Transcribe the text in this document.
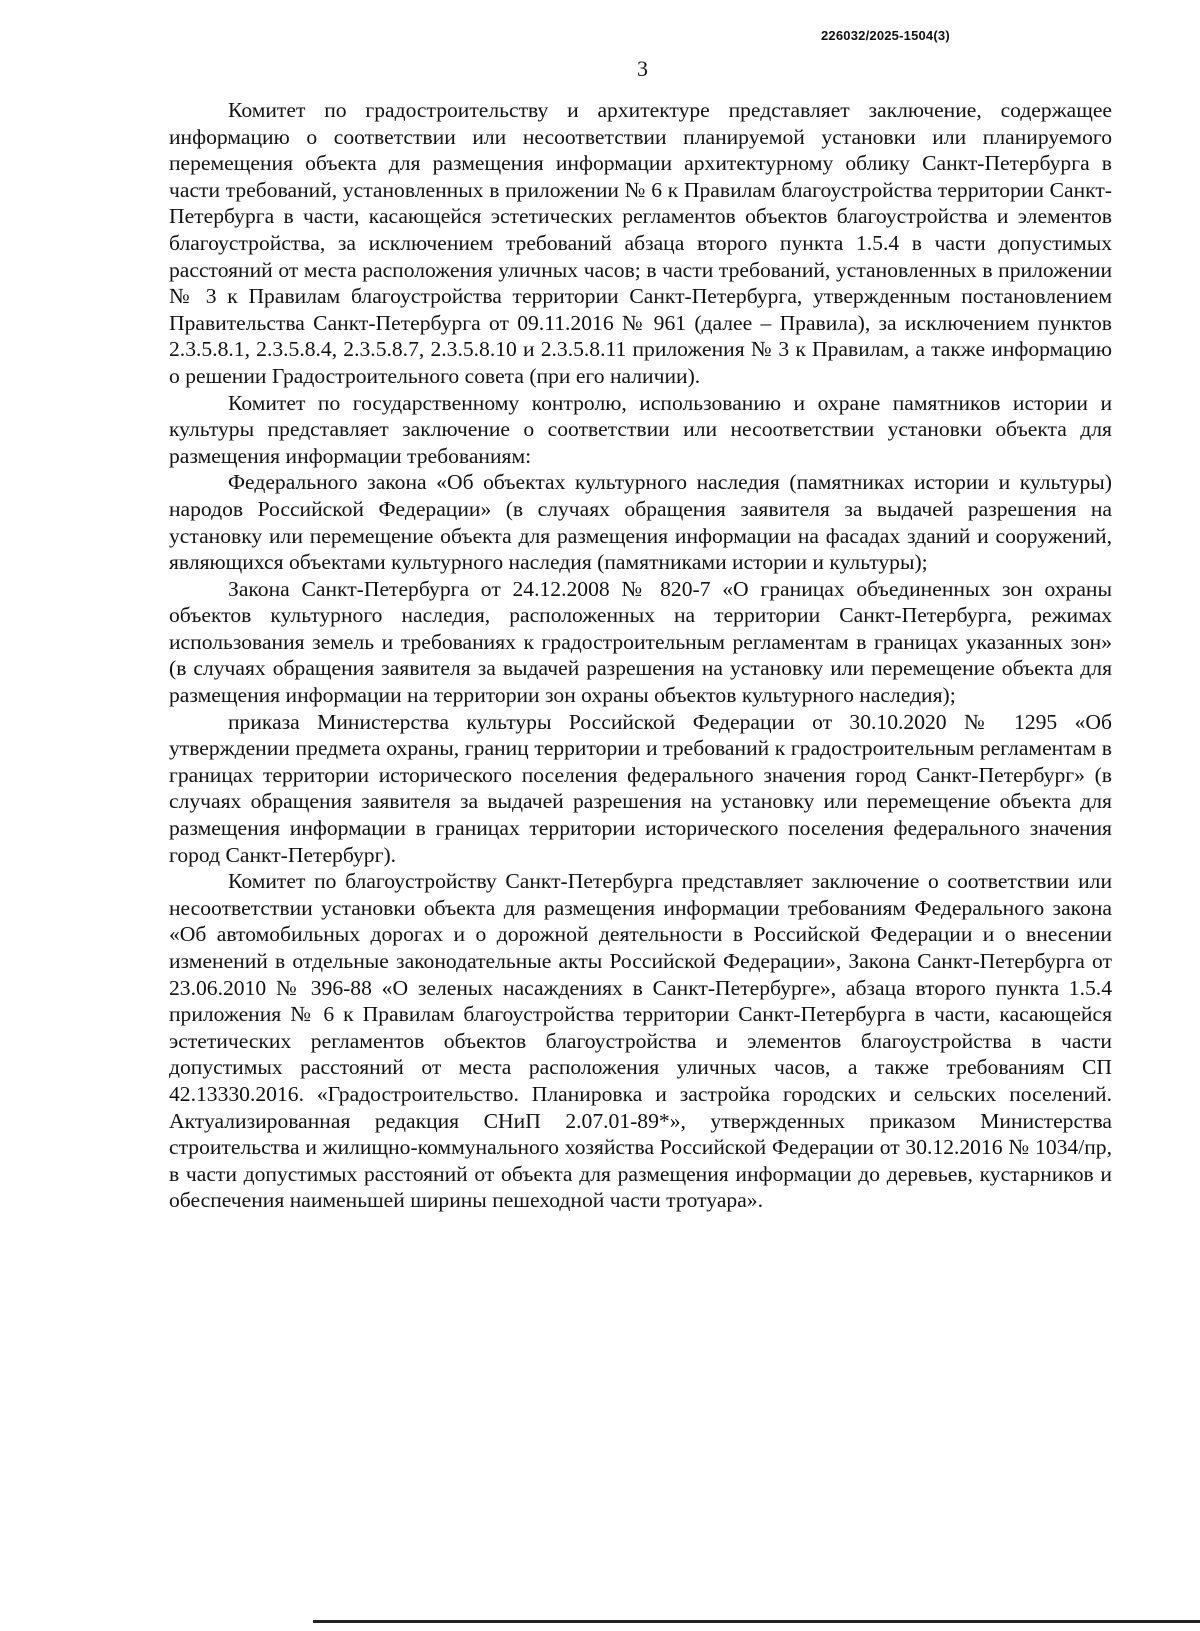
226032/2025-1504(3)
3

Комитет по градостроительству и архитектуре представляет заключение, содержащее информацию о соответствии или несоответствии планируемой установки или планируемого перемещения объекта для размещения информации архитектурному облику Санкт-Петербурга в части требований, установленных в приложении № 6 к Правилам благоустройства территории Санкт-Петербурга в части, касающейся эстетических регламентов объектов благоустройства и элементов благоустройства, за исключением требований абзаца второго пункта 1.5.4 в части допустимых расстояний от места расположения уличных часов; в части требований, установленных в приложении № 3 к Правилам благоустройства территории Санкт-Петербурга, утвержденным постановлением Правительства Санкт-Петербурга от 09.11.2016 № 961 (далее – Правила), за исключением пунктов 2.3.5.8.1, 2.3.5.8.4, 2.3.5.8.7, 2.3.5.8.10 и 2.3.5.8.11 приложения № 3 к Правилам, а также информацию о решении Градостроительного совета (при его наличии).

Комитет по государственному контролю, использованию и охране памятников истории и культуры представляет заключение о соответствии или несоответствии установки объекта для размещения информации требованиям:

Федерального закона «Об объектах культурного наследия (памятниках истории и культуры) народов Российской Федерации» (в случаях обращения заявителя за выдачей разрешения на установку или перемещение объекта для размещения информации на фасадах зданий и сооружений, являющихся объектами культурного наследия (памятниками истории и культуры);

Закона Санкт-Петербурга от 24.12.2008 № 820-7 «О границах объединенных зон охраны объектов культурного наследия, расположенных на территории Санкт-Петербурга, режимах использования земель и требованиях к градостроительным регламентам в границах указанных зон» (в случаях обращения заявителя за выдачей разрешения на установку или перемещение объекта для размещения информации на территории зон охраны объектов культурного наследия);

приказа Министерства культуры Российской Федерации от 30.10.2020 № 1295 «Об утверждении предмета охраны, границ территории и требований к градостроительным регламентам в границах территории исторического поселения федерального значения город Санкт-Петербург» (в случаях обращения заявителя за выдачей разрешения на установку или перемещение объекта для размещения информации в границах территории исторического поселения федерального значения город Санкт-Петербург).

Комитет по благоустройству Санкт-Петербурга представляет заключение о соответствии или несоответствии установки объекта для размещения информации требованиям Федерального закона «Об автомобильных дорогах и о дорожной деятельности в Российской Федерации и о внесении изменений в отдельные законодательные акты Российской Федерации», Закона Санкт-Петербурга от 23.06.2010 № 396-88 «О зеленых насаждениях в Санкт-Петербурге», абзаца второго пункта 1.5.4 приложения № 6 к Правилам благоустройства территории Санкт-Петербурга в части, касающейся эстетических регламентов объектов благоустройства и элементов благоустройства в части допустимых расстояний от места расположения уличных часов, а также требованиям СП 42.13330.2016. «Градостроительство. Планировка и застройка городских и сельских поселений. Актуализированная редакция СНиП 2.07.01-89*», утвержденных приказом Министерства строительства и жилищно-коммунального хозяйства Российской Федерации от 30.12.2016 № 1034/пр, в части допустимых расстояний от объекта для размещения информации до деревьев, кустарников и обеспечения наименьшей ширины пешеходной части тротуара».
